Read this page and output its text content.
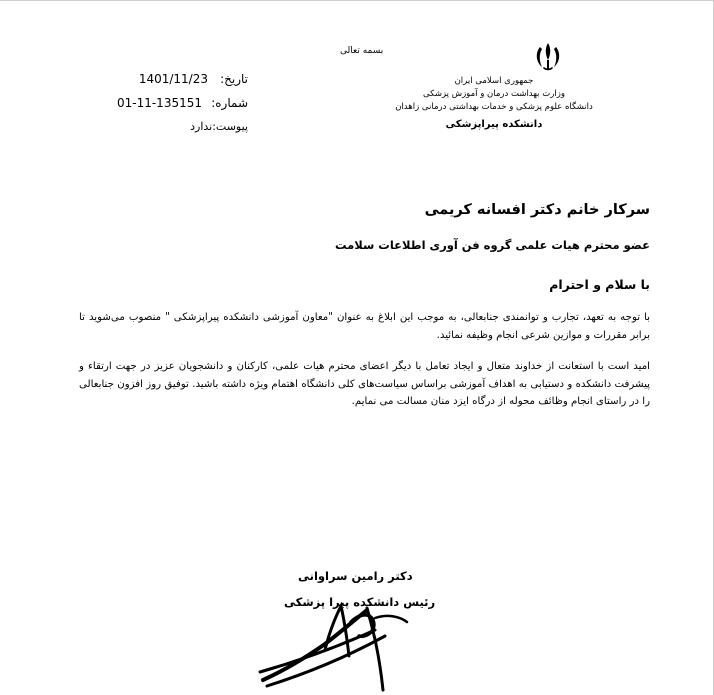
بسمه تعالی
جمهوری اسلامی ایران
وزارت بهداشت درمان و آموزش پزشکی
دانشگاه علوم پزشکی و خدمات بهداشتی درمانی زاهدان
دانشکده پیراپزشکی
تاریخ:
1401/11/23
شماره:
01-11-135151
پیوست:ندارد
سرکار خانم دکتر افسانه کریمی
عضو محترم هیات علمی گروه فن آوری اطلاعات سلامت
با سلام و احترام
با توجه به تعهد، تجارب و توانمندی جنابعالی، به موجب این ابلاغ به عنوان "معاون آموزشی دانشکده پیراپزشکی " منصوب می‌شوید تا برابر مقررات و موازین شرعی انجام وظیفه نمائید.
امید است با استعانت از خداوند متعال و ایجاد تعامل با دیگر اعضای محترم هیات علمی، کارکنان و دانشجویان عزیز در جهت ارتقاء و پیشرفت دانشکده و دستیابی به اهداف آموزشی براساس سیاست‌های کلی دانشگاه اهتمام ویژه داشته باشید. توفیق روز افزون جنابعالی را در راستای انجام وظائف محوله از درگاه ایزد منان مسالت می نمایم.
دکتر رامین سراوانی
رئیس دانشکده پیرا پزشکی
